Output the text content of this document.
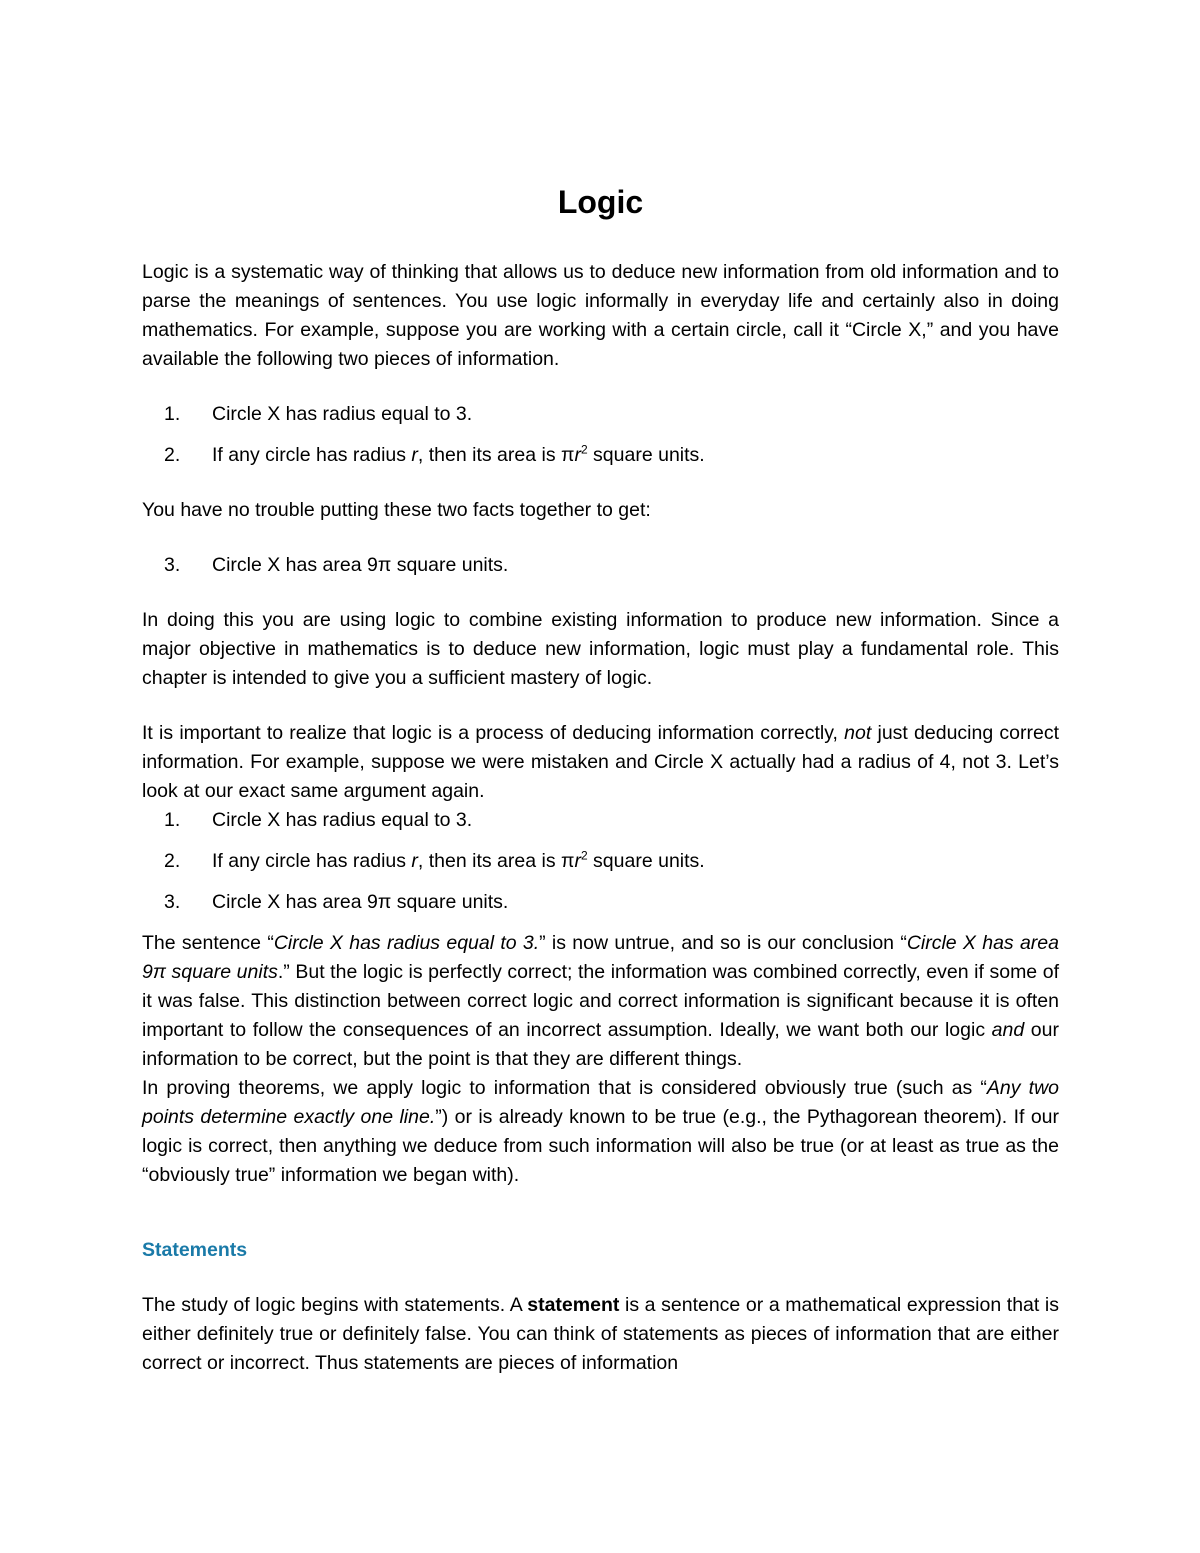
Logic

Logic is a systematic way of thinking that allows us to deduce new information from old information and to parse the meanings of sentences. You use logic informally in everyday life and certainly also in doing mathematics. For example, suppose you are working with a certain circle, call it “Circle X,” and you have available the following two pieces of information.

1. Circle X has radius equal to 3.
2. If any circle has radius r, then its area is $\pi r^2$ square units.

You have no trouble putting these two facts together to get:

3. Circle X has area 9π square units.

In doing this you are using logic to combine existing information to produce new information. Since a major objective in mathematics is to deduce new information, logic must play a fundamental role. This chapter is intended to give you a sufficient mastery of logic.

It is important to realize that logic is a process of deducing information correctly, not just deducing correct information. For example, suppose we were mistaken and Circle X actually had a radius of 4, not 3. Let’s look at our exact same argument again.

1. Circle X has radius equal to 3.
2. If any circle has radius r, then its area is $\pi r^2$ square units.
3. Circle X has area 9π square units.

The sentence “Circle X has radius equal to 3.” is now untrue, and so is our conclusion “Circle X has area 9π square units.” But the logic is perfectly correct; the information was combined correctly, even if some of it was false. This distinction between correct logic and correct information is significant because it is often important to follow the consequences of an incorrect assumption. Ideally, we want both our logic and our information to be correct, but the point is that they are different things.

In proving theorems, we apply logic to information that is considered obviously true (such as “Any two points determine exactly one line.”) or is already known to be true (e.g., the Pythagorean theorem). If our logic is correct, then anything we deduce from such information will also be true (or at least as true as the “obviously true” information we began with).

Statements

The study of logic begins with statements. A statement is a sentence or a mathematical expression that is either definitely true or definitely false. You can think of statements as pieces of information that are either correct or incorrect. Thus statements are pieces of information
